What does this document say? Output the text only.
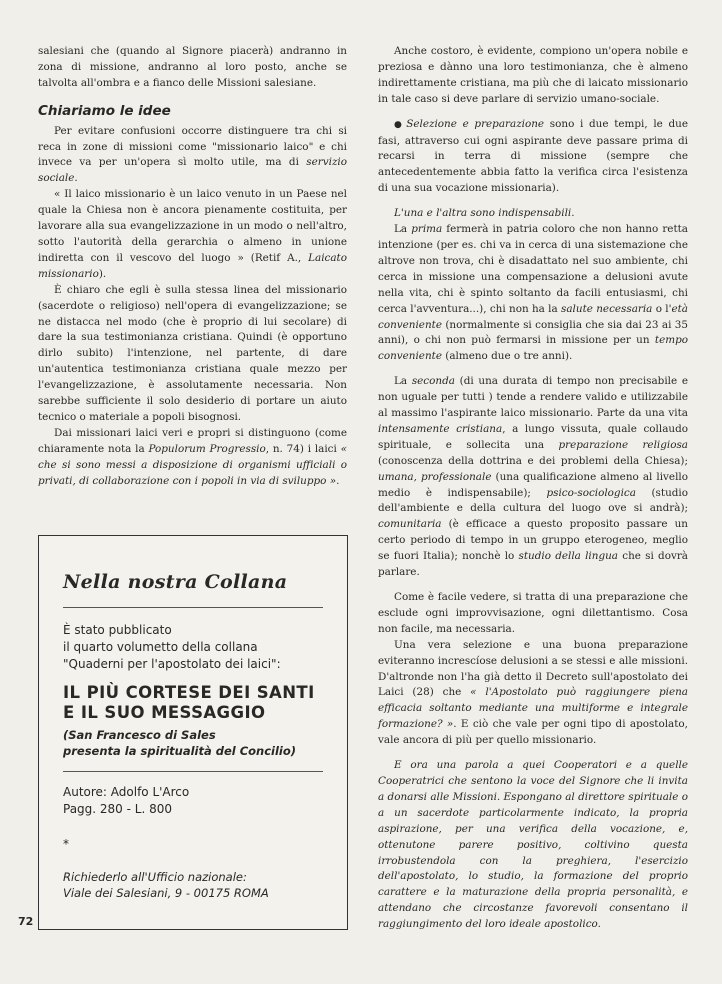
salesiani che (quando al Signore piacerà) andranno in zona di missione, andranno al loro posto, anche se talvolta all'ombra e a fianco delle Missioni salesiane.

Chiariamo le idee

Per evitare confusioni occorre distinguere tra chi si reca in zone di missioni come "missionario laico" e chi invece va per un'opera sì molto utile, ma di servizio sociale.

« Il laico missionario è un laico venuto in un Paese nel quale la Chiesa non è ancora pienamente costituita, per lavorare alla sua evangelizzazione in un modo o nell'altro, sotto l'autorità della gerarchia o almeno in unione indiretta con il vescovo del luogo » (Retif A., Laicato missionario).

È chiaro che egli è sulla stessa linea del missionario (sacerdote o religioso) nell'opera di evangelizzazione; se ne distacca nel modo (che è proprio di lui secolare) di dare la sua testimonianza cristiana. Quindi (è opportuno dirlo subito) l'intenzione, nel partente, di dare un'autentica testimonianza cristiana quale mezzo per l'evangelizzazione, è assolutamente necessaria. Non sarebbe sufficiente il solo desiderio di portare un aiuto tecnico o materiale a popoli bisognosi.

Dai missionari laici veri e propri si distinguono (come chiaramente nota la Populorum Progressio, n. 74) i laici « che si sono messi a disposizione di organismi ufficiali o privati, di collaborazione con i popoli in via di sviluppo ».

Nella nostra Collana
È stato pubblicato
il quarto volumetto della collana
"Quaderni per l'apostolato dei laici":
IL PIÙ CORTESE DEI SANTI
E IL SUO MESSAGGIO
(San Francesco di Sales
presenta la spiritualità del Concilio)
Autore: Adolfo L'Arco
Pagg. 280 - L. 800
*
Richiederlo all'Ufficio nazionale:
Viale dei Salesiani, 9 - 00175 ROMA

Anche costoro, è evidente, compiono un'opera nobile e preziosa e dànno una loro testimonianza, che è almeno indirettamente cristiana, ma più che di laicato missionario in tale caso si deve parlare di servizio umano-sociale.

● Selezione e preparazione sono i due tempi, le due fasi, attraverso cui ogni aspirante deve passare prima di recarsi in terra di missione (sempre che antecedentemente abbia fatto la verifica circa l'esistenza di una sua vocazione missionaria).

L'una e l'altra sono indispensabili.

La prima fermerà in patria coloro che non hanno retta intenzione (per es. chi va in cerca di una sistemazione che altrove non trova, chi è disadattato nel suo ambiente, chi cerca in missione una compensazione a delusioni avute nella vita, chi è spinto soltanto da facili entusiasmi, chi cerca l'avventura...), chi non ha la salute necessaria o l'età conveniente (normalmente si consiglia che sia dai 23 ai 35 anni), o chi non può fermarsi in missione per un tempo conveniente (almeno due o tre anni).

La seconda (di una durata di tempo non precisabile e non uguale per tutti ) tende a rendere valido e utilizzabile al massimo l'aspirante laico missionario. Parte da una vita intensamente cristiana, a lungo vissuta, quale collaudo spirituale, e sollecita una preparazione religiosa (conoscenza della dottrina e dei problemi della Chiesa); umana, professionale (una qualificazione almeno al livello medio è indispensabile); psico-sociologica (studio dell'ambiente e della cultura del luogo ove si andrà); comunitaria (è efficace a questo proposito passare un certo periodo di tempo in un gruppo eterogeneo, meglio se fuori Italia); nonchè lo studio della lingua che si dovrà parlare.

Come è facile vedere, si tratta di una preparazione che esclude ogni improvvisazione, ogni dilettantismo. Cosa non facile, ma necessaria.

Una vera selezione e una buona preparazione eviteranno increscíose delusioni a se stessi e alle missioni. D'altronde non l'ha già detto il Decreto sull'apostolato dei Laici (28) che « l'Apostolato può raggiungere piena efficacia soltanto mediante una multiforme e integrale formazione? ». E ciò che vale per ogni tipo di apostolato, vale ancora di più per quello missionario.

E ora una parola a quei Cooperatori e a quelle Cooperatrici che sentono la voce del Signore che li invita a donarsi alle Missioni. Espongano al direttore spirituale o a un sacerdote particolarmente indicato, la propria aspirazione, per una verifica della vocazione, e, ottenutone parere positivo, coltivino questa irrobustendola con la preghiera, l'esercizio dell'apostolato, lo studio, la formazione del proprio carattere e la maturazione della propria personalità, e attendano che circostanze favorevoli consentano il raggiungimento del loro ideale apostolico.

72
